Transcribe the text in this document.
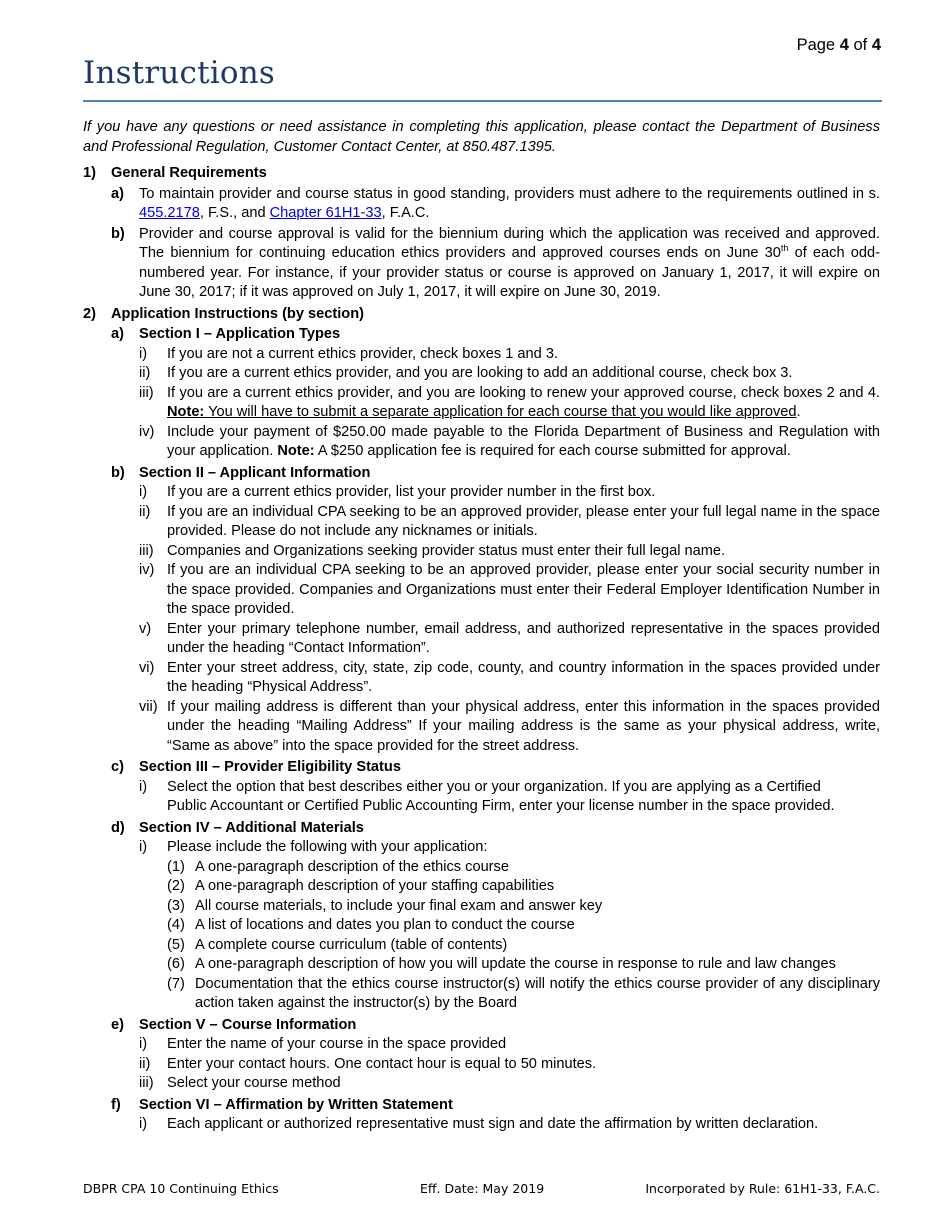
Page 4 of 4
Instructions
If you have any questions or need assistance in completing this application, please contact the Department of Business and Professional Regulation, Customer Contact Center, at 850.487.1395.
1)	General Requirements
a)	To maintain provider and course status in good standing, providers must adhere to the requirements outlined in s. 455.2178, F.S., and Chapter 61H1-33, F.A.C.
b) Provider and course approval is valid for the biennium during which the application was received and approved. The biennium for continuing education ethics providers and approved courses ends on June 30th of each odd-numbered year. For instance, if your provider status or course is approved on January 1, 2017, it will expire on June 30, 2017; if it was approved on July 1, 2017, it will expire on June 30, 2019.
2)	Application Instructions (by section)
a)	Section I – Application Types
i)	If you are not a current ethics provider, check boxes 1 and 3.
ii)	If you are a current ethics provider, and you are looking to add an additional course, check box 3.
iii) If you are a current ethics provider, and you are looking to renew your approved course, check boxes 2 and 4. Note: You will have to submit a separate application for each course that you would like approved.
iv) Include your payment of $250.00 made payable to the Florida Department of Business and Regulation with your application. Note: A $250 application fee is required for each course submitted for approval.
b) Section II – Applicant Information
i)	If you are a current ethics provider, list your provider number in the first box.
ii)	If you are an individual CPA seeking to be an approved provider, please enter your full legal name in the space provided. Please do not include any nicknames or initials.
iii) Companies and Organizations seeking provider status must enter their full legal name.
iv) If you are an individual CPA seeking to be an approved provider, please enter your social security number in the space provided. Companies and Organizations must enter their Federal Employer Identification Number in the space provided.
v)	Enter your primary telephone number, email address, and authorized representative in the spaces provided under the heading “Contact Information”.
vi) Enter your street address, city, state, zip code, county, and country information in the spaces provided under the heading “Physical Address”.
vii) If your mailing address is different than your physical address, enter this information in the spaces provided under the heading “Mailing Address” If your mailing address is the same as your physical address, write, “Same as above” into the space provided for the street address.
c)	Section III – Provider Eligibility Status
i)	Select the option that best describes either you or your organization. If you are applying as a Certified
Public Accountant or Certified Public Accounting Firm, enter your license number in the space provided.
d) Section IV – Additional Materials
i)	Please include the following with your application:
(1) A one-paragraph description of the ethics course
(2) A one-paragraph description of your staffing capabilities
(3) All course materials, to include your final exam and answer key
(4) A list of locations and dates you plan to conduct the course
(5) A complete course curriculum (table of contents)
(6) A one-paragraph description of how you will update the course in response to rule and law changes
(7) Documentation that the ethics course instructor(s) will notify the ethics course provider of any disciplinary action taken against the instructor(s) by the Board
e)	Section V – Course Information
i)	Enter the name of your course in the space provided
ii)	Enter your contact hours. One contact hour is equal to 50 minutes.
iii) Select your course method
f)	Section VI – Affirmation by Written Statement
i)	Each applicant or authorized representative must sign and date the affirmation by written declaration.
DBPR CPA 10 Continuing Ethics	Eff. Date: May 2019	Incorporated by Rule: 61H1-33, F.A.C.
